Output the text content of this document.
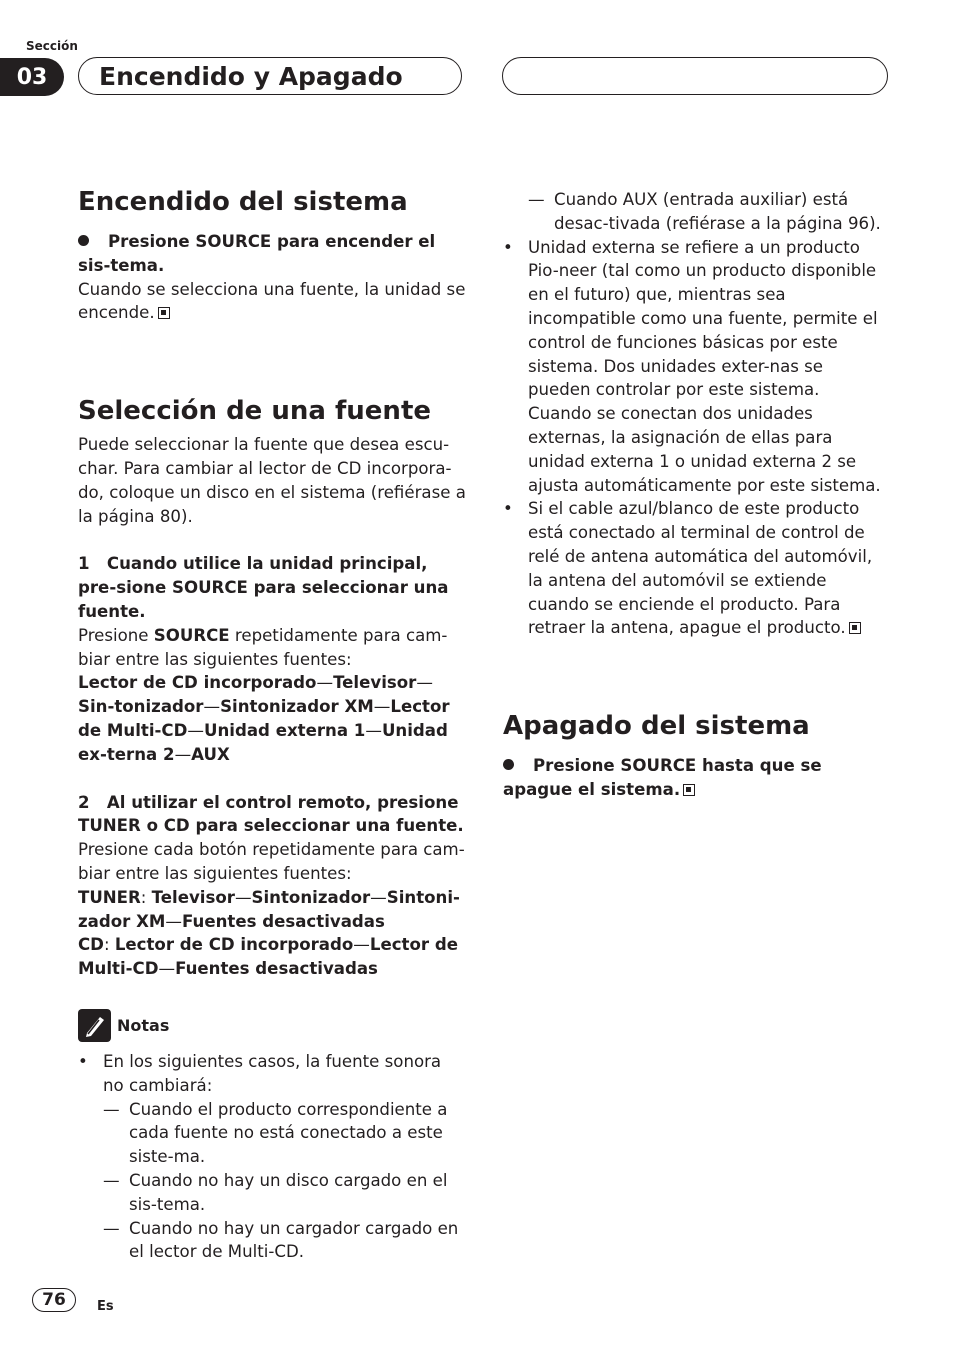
Sección
03	Encendido y Apagado
Encendido del sistema

Presione SOURCE para encender el sis-tema.

Cuando se selecciona una fuente, la unidad se encende.

Selección de una fuente

Puede seleccionar la fuente que desea escu-char. Para cambiar al lector de CD incorpora-do, coloque un disco en el sistema (refiérase a la página 80).

1 Cuando utilice la unidad principal, pre-sione SOURCE para seleccionar una fuente.

Presione SOURCE repetidamente para cam-biar entre las siguientes fuentes:

Lector de CD incorporado—Televisor—Sin-tonizador—Sintonizador XM—Lector de Multi-CD—Unidad externa 1—Unidad ex-terna 2—AUX

2 Al utilizar el control remoto, presione TUNER o CD para seleccionar una fuente.

Presione cada botón repetidamente para cam-biar entre las siguientes fuentes:

TUNER: Televisor—Sintonizador—Sintoni-zador XM—Fuentes desactivadas

CD: Lector de CD incorporado—Lector de Multi-CD—Fuentes desactivadas

Notas

• En los siguientes casos, la fuente sonora no cambiará:

— Cuando el producto correspondiente a cada fuente no está conectado a este siste-ma.

— Cuando no hay un disco cargado en el sis-tema.

— Cuando no hay un cargador cargado en el lector de Multi-CD.

— Cuando AUX (entrada auxiliar) está desac-tivada (refiérase a la página 96).

• Unidad externa se refiere a un producto Pio-neer (tal como un producto disponible en el futuro) que, mientras sea incompatible como una fuente, permite el control de funciones básicas por este sistema. Dos unidades exter-nas se pueden controlar por este sistema. Cuando se conectan dos unidades externas, la asignación de ellas para unidad externa 1 o unidad externa 2 se ajusta automáticamente por este sistema.

• Si el cable azul/blanco de este producto está conectado al terminal de control de relé de antena automática del automóvil, la antena del automóvil se extiende cuando se enciende el producto. Para retraer la antena, apague el producto.

Apagado del sistema

Presione SOURCE hasta que se apague el sistema.

76	Es
